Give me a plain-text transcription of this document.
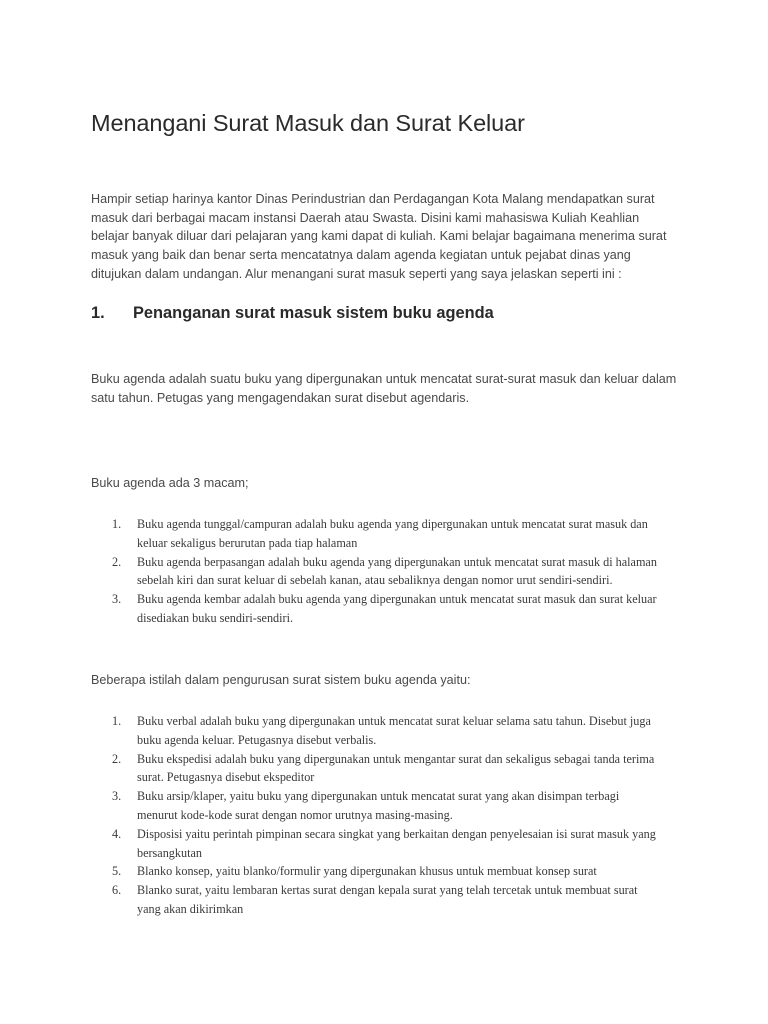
Menangani Surat Masuk dan Surat Keluar

Hampir setiap harinya kantor Dinas Perindustrian dan Perdagangan Kota Malang mendapatkan surat
masuk dari berbagai macam instansi Daerah atau Swasta. Disini kami mahasiswa Kuliah Keahlian
belajar banyak diluar dari pelajaran yang kami dapat di kuliah. Kami belajar bagaimana menerima surat
masuk yang baik dan benar serta mencatatnya dalam agenda kegiatan untuk pejabat dinas yang
ditujukan dalam undangan. Alur menangani surat masuk seperti yang saya jelaskan seperti ini :

1. Penanganan surat masuk sistem buku agenda

Buku agenda adalah suatu buku yang dipergunakan untuk mencatat surat-surat masuk dan keluar dalam
satu tahun. Petugas yang mengagendakan surat disebut agendaris.

Buku agenda ada 3 macam;

1. Buku agenda tunggal/campuran adalah buku agenda yang dipergunakan untuk mencatat surat masuk dan
keluar sekaligus berurutan pada tiap halaman
2. Buku agenda berpasangan adalah buku agenda yang dipergunakan untuk mencatat surat masuk di halaman
sebelah kiri dan surat keluar di sebelah kanan, atau sebaliknya dengan nomor urut sendiri-sendiri.
3. Buku agenda kembar adalah buku agenda yang dipergunakan untuk mencatat surat masuk dan surat keluar
disediakan buku sendiri-sendiri.

Beberapa istilah dalam pengurusan surat sistem buku agenda yaitu:

1. Buku verbal adalah buku yang dipergunakan untuk mencatat surat keluar selama satu tahun. Disebut juga
buku agenda keluar. Petugasnya disebut verbalis.
2. Buku ekspedisi adalah buku yang dipergunakan untuk mengantar surat dan sekaligus sebagai tanda terima
surat. Petugasnya disebut ekspeditor
3. Buku arsip/klaper, yaitu buku yang dipergunakan untuk mencatat surat yang akan disimpan terbagi
menurut kode-kode surat dengan nomor urutnya masing-masing.
4. Disposisi yaitu perintah pimpinan secara singkat yang berkaitan dengan penyelesaian isi surat masuk yang
bersangkutan
5. Blanko konsep, yaitu blanko/formulir yang dipergunakan khusus untuk membuat konsep surat
6. Blanko surat, yaitu lembaran kertas surat dengan kepala surat yang telah tercetak untuk membuat surat
yang akan dikirimkan
